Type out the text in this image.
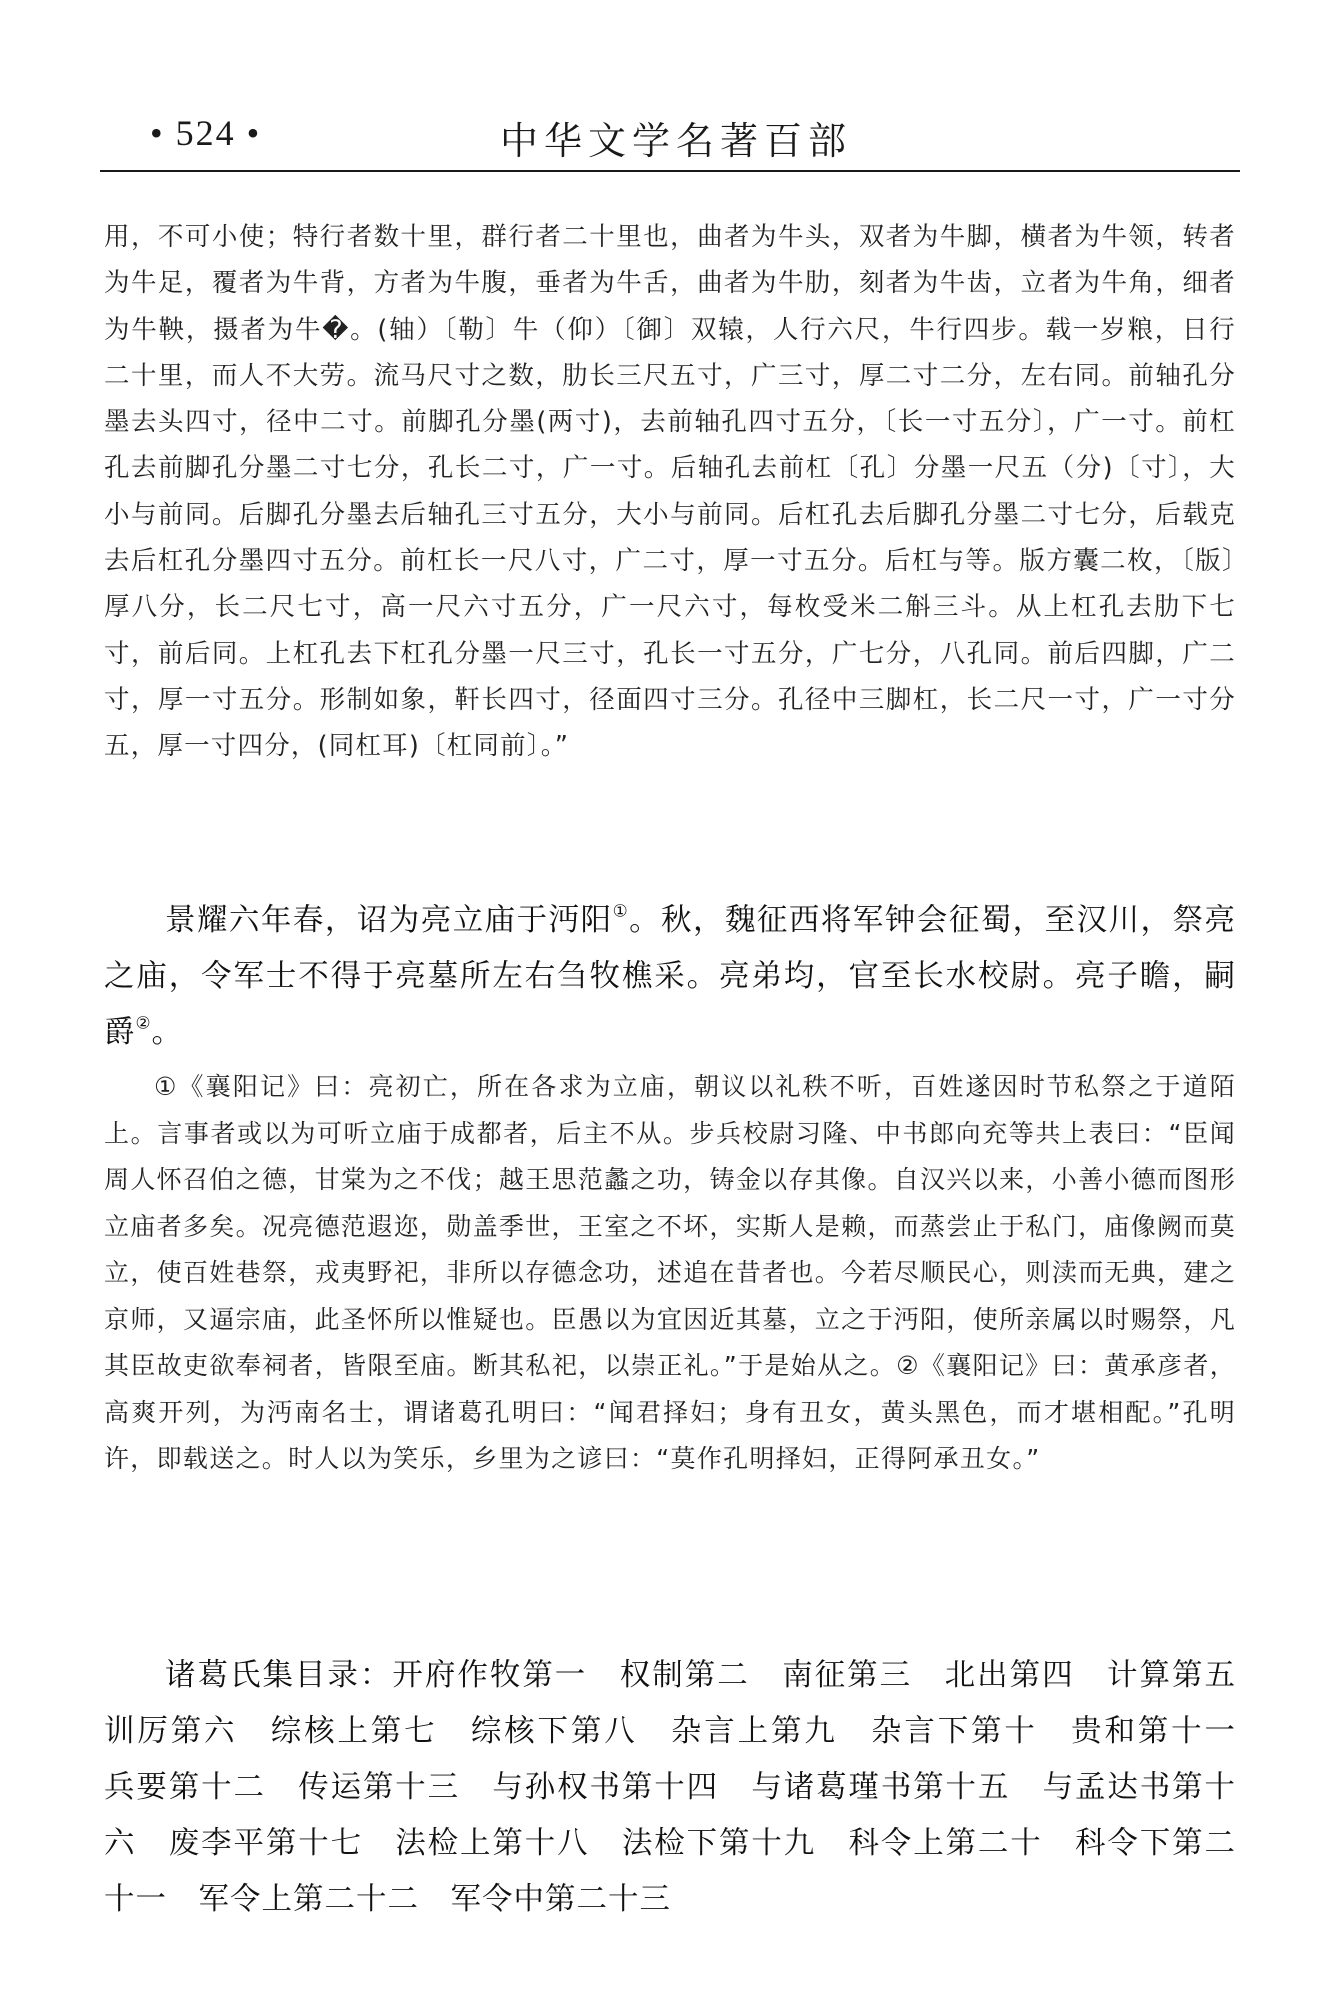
• 524 •	中华文学名著百部
用，不可小使；特行者数十里，群行者二十里也，曲者为牛头，双者为牛脚，横者为牛领，转者为牛足，覆者为牛背，方者为牛腹，垂者为牛舌，曲者为牛肋，刻者为牛齿，立者为牛角，细者为牛鞅，摄者为牛�。(轴）〔勒〕牛（仰）〔御〕双辕，人行六尺，牛行四步。载一岁粮，日行二十里，而人不大劳。流马尺寸之数，肋长三尺五寸，广三寸，厚二寸二分，左右同。前轴孔分墨去头四寸，径中二寸。前脚孔分墨(两寸)，去前轴孔四寸五分，〔长一寸五分〕，广一寸。前杠孔去前脚孔分墨二寸七分，孔长二寸，广一寸。后轴孔去前杠〔孔〕分墨一尺五（分)〔寸〕，大小与前同。后脚孔分墨去后轴孔三寸五分，大小与前同。后杠孔去后脚孔分墨二寸七分，后载克去后杠孔分墨四寸五分。前杠长一尺八寸，广二寸，厚一寸五分。后杠与等。版方囊二枚，〔版〕厚八分，长二尺七寸，高一尺六寸五分，广一尺六寸，每枚受米二斛三斗。从上杠孔去肋下七寸，前后同。上杠孔去下杠孔分墨一尺三寸，孔长一寸五分，广七分，八孔同。前后四脚，广二寸，厚一寸五分。形制如象，靬长四寸，径面四寸三分。孔径中三脚杠，长二尺一寸，广一寸分五，厚一寸四分，(同杠耳)〔杠同前〕。”
景耀六年春，诏为亮立庙于沔阳①。秋，魏征西将军钟会征蜀，至汉川，祭亮之庙，令军士不得于亮墓所左右刍牧樵采。亮弟均，官至长水校尉。亮子瞻，嗣爵②。
①《襄阳记》曰：亮初亡，所在各求为立庙，朝议以礼秩不听，百姓遂因时节私祭之于道陌上。言事者或以为可听立庙于成都者，后主不从。步兵校尉习隆、中书郎向充等共上表曰：“臣闻周人怀召伯之德，甘棠为之不伐；越王思范蠡之功，铸金以存其像。自汉兴以来，小善小德而图形立庙者多矣。况亮德范遐迩，勋盖季世，王室之不坏，实斯人是赖，而蒸尝止于私门，庙像阙而莫立，使百姓巷祭，戎夷野祀，非所以存德念功，述追在昔者也。今若尽顺民心，则渎而无典，建之京师，又逼宗庙，此圣怀所以惟疑也。臣愚以为宜因近其墓，立之于沔阳，使所亲属以时赐祭，凡其臣故吏欲奉祠者，皆限至庙。断其私祀，以崇正礼。”于是始从之。②《襄阳记》曰：黄承彦者，高爽开列，为沔南名士，谓诸葛孔明曰：“闻君择妇；身有丑女，黄头黑色，而才堪相配。”孔明许，即载送之。时人以为笑乐，乡里为之谚曰：“莫作孔明择妇，正得阿承丑女。”
诸葛氏集目录：开府作牧第一　权制第二　南征第三　北出第四　计算第五　训厉第六　综核上第七　综核下第八　杂言上第九　杂言下第十　贵和第十一　兵要第十二　传运第十三　与孙权书第十四　与诸葛瑾书第十五　与孟达书第十六　废李平第十七　法检上第十八　法检下第十九　科令上第二十　科令下第二十一　军令上第二十二　军令中第二十三
